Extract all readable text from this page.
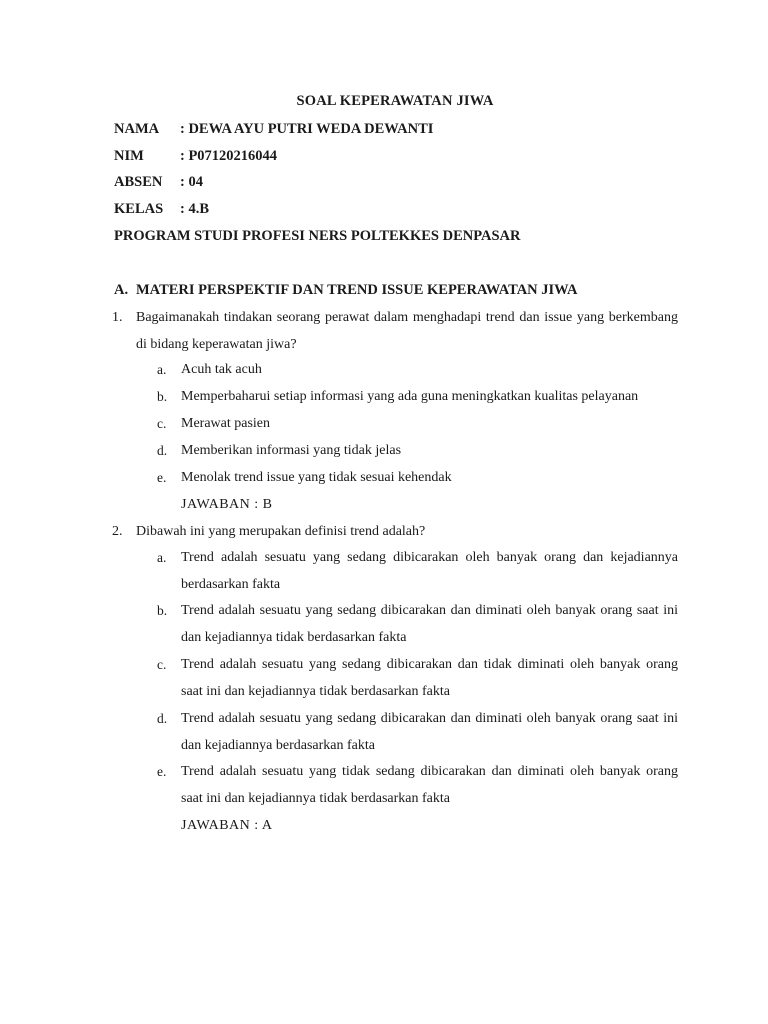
SOAL KEPERAWATAN JIWA
NAMA : DEWA AYU PUTRI WEDA DEWANTI
NIM : P07120216044
ABSEN : 04
KELAS : 4.B
PROGRAM STUDI PROFESI NERS POLTEKKES DENPASAR
A. MATERI PERSPEKTIF DAN TREND ISSUE KEPERAWATAN JIWA
1. Bagaimanakah tindakan seorang perawat dalam menghadapi trend dan issue yang berkembang di bidang keperawatan jiwa?
a. Acuh tak acuh
b. Memperbaharui setiap informasi yang ada guna meningkatkan kualitas pelayanan
c. Merawat pasien
d. Memberikan informasi yang tidak jelas
e. Menolak trend issue yang tidak sesuai kehendak
JAWABAN : B
2. Dibawah ini yang merupakan definisi trend adalah?
a. Trend adalah sesuatu yang sedang dibicarakan oleh banyak orang dan kejadiannya berdasarkan fakta
b. Trend adalah sesuatu yang sedang dibicarakan dan diminati oleh banyak orang saat ini dan kejadiannya tidak berdasarkan fakta
c. Trend adalah sesuatu yang sedang dibicarakan dan tidak diminati oleh banyak orang saat ini dan kejadiannya tidak berdasarkan fakta
d. Trend adalah sesuatu yang sedang dibicarakan dan diminati oleh banyak orang saat ini dan kejadiannya berdasarkan fakta
e. Trend adalah sesuatu yang tidak sedang dibicarakan dan diminati oleh banyak orang saat ini dan kejadiannya tidak berdasarkan fakta
JAWABAN : A
